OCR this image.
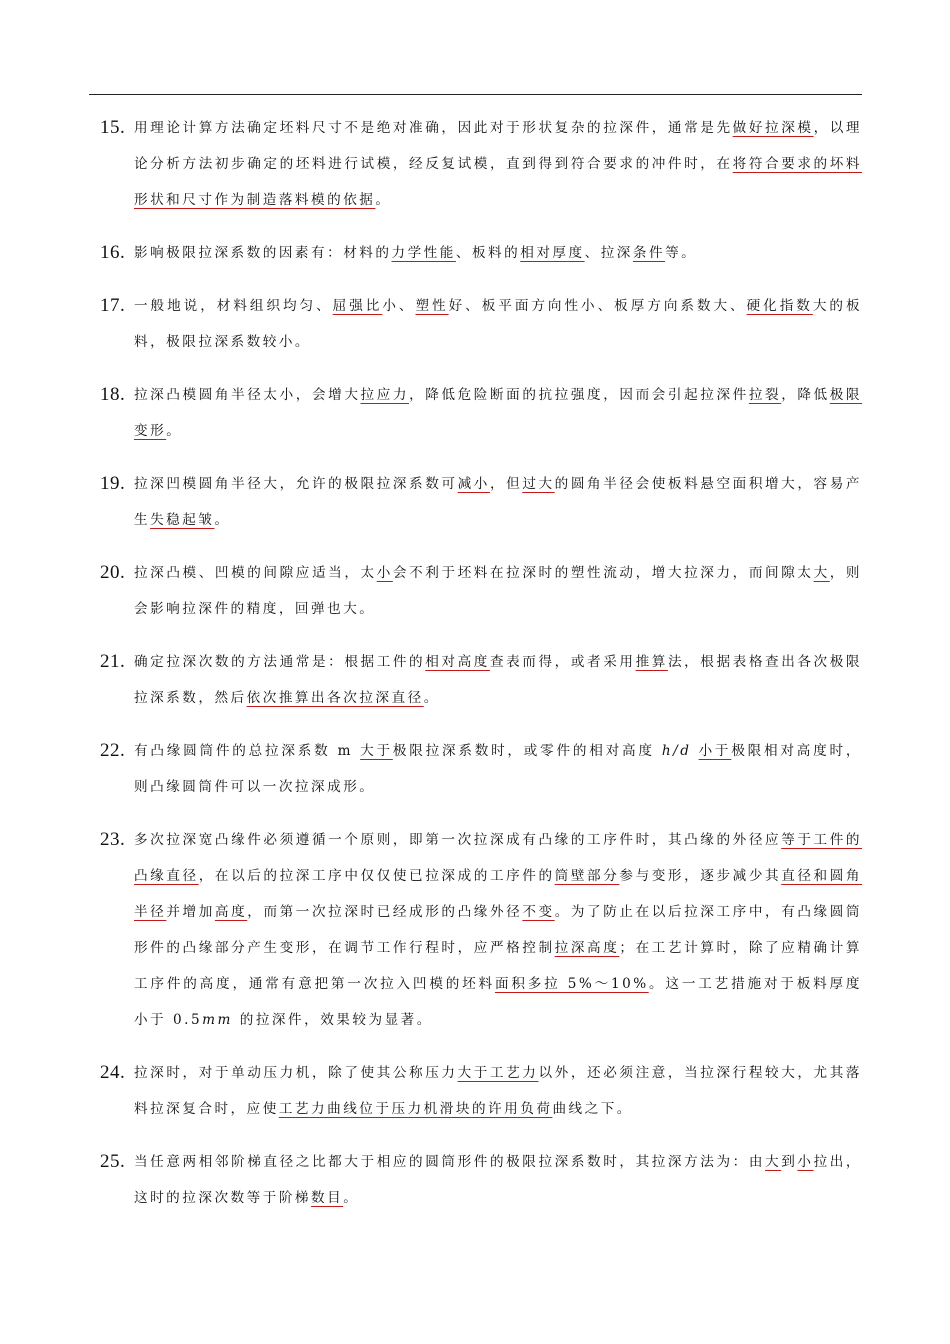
15. 用理论计算方法确定坯料尺寸不是绝对准确，因此对于形状复杂的拉深件，通常是先做好拉深模，以理论分析方法初步确定的坯料进行试模，经反复试模，直到得到符合要求的冲件时，在将符合要求的坏料形状和尺寸作为制造落料模的依据。
16. 影响极限拉深系数的因素有：材料的力学性能、板料的相对厚度、拉深条件等。
17. 一般地说，材料组织均匀、屈强比小、塑性好、板平面方向性小、板厚方向系数大、硬化指数大的板料，极限拉深系数较小。
18. 拉深凸模圆角半径太小，会增大拉应力，降低危险断面的抗拉强度，因而会引起拉深件拉裂，降低极限变形。
19. 拉深凹模圆角半径大，允许的极限拉深系数可减小，但过大的圆角半径会使板料悬空面积增大，容易产生失稳起皱。
20. 拉深凸模、凹模的间隙应适当，太小会不利于坯料在拉深时的塑性流动，增大拉深力，而间隙太大，则会影响拉深件的精度，回弹也大。
21. 确定拉深次数的方法通常是：根据工件的相对高度查表而得，或者采用推算法，根据表格查出各次极限拉深系数，然后依次推算出各次拉深直径。
22. 有凸缘圆筒件的总拉深系数 m 大于极限拉深系数时，或零件的相对高度 h/d 小于极限相对高度时，则凸缘圆筒件可以一次拉深成形。
23. 多次拉深宽凸缘件必须遵循一个原则，即第一次拉深成有凸缘的工序件时，其凸缘的外径应等于工件的凸缘直径，在以后的拉深工序中仅仅使已拉深成的工序件的筒壁部分参与变形，逐步减少其直径和圆角半径并增加高度，而第一次拉深时已经成形的凸缘外径不变。为了防止在以后拉深工序中，有凸缘圆筒形件的凸缘部分产生变形，在调节工作行程时，应严格控制拉深高度；在工艺计算时，除了应精确计算工序件的高度，通常有意把第一次拉入凹模的坯料面积多拉 5%～10%。这一工艺措施对于板料厚度小于 0.5mm 的拉深件，效果较为显著。
24. 拉深时，对于单动压力机，除了使其公称压力大于工艺力以外，还必须注意，当拉深行程较大，尤其落料拉深复合时，应使工艺力曲线位于压力机滑块的许用负荷曲线之下。
25. 当任意两相邻阶梯直径之比都大于相应的圆筒形件的极限拉深系数时，其拉深方法为：由大到小拉出，这时的拉深次数等于阶梯数目。
